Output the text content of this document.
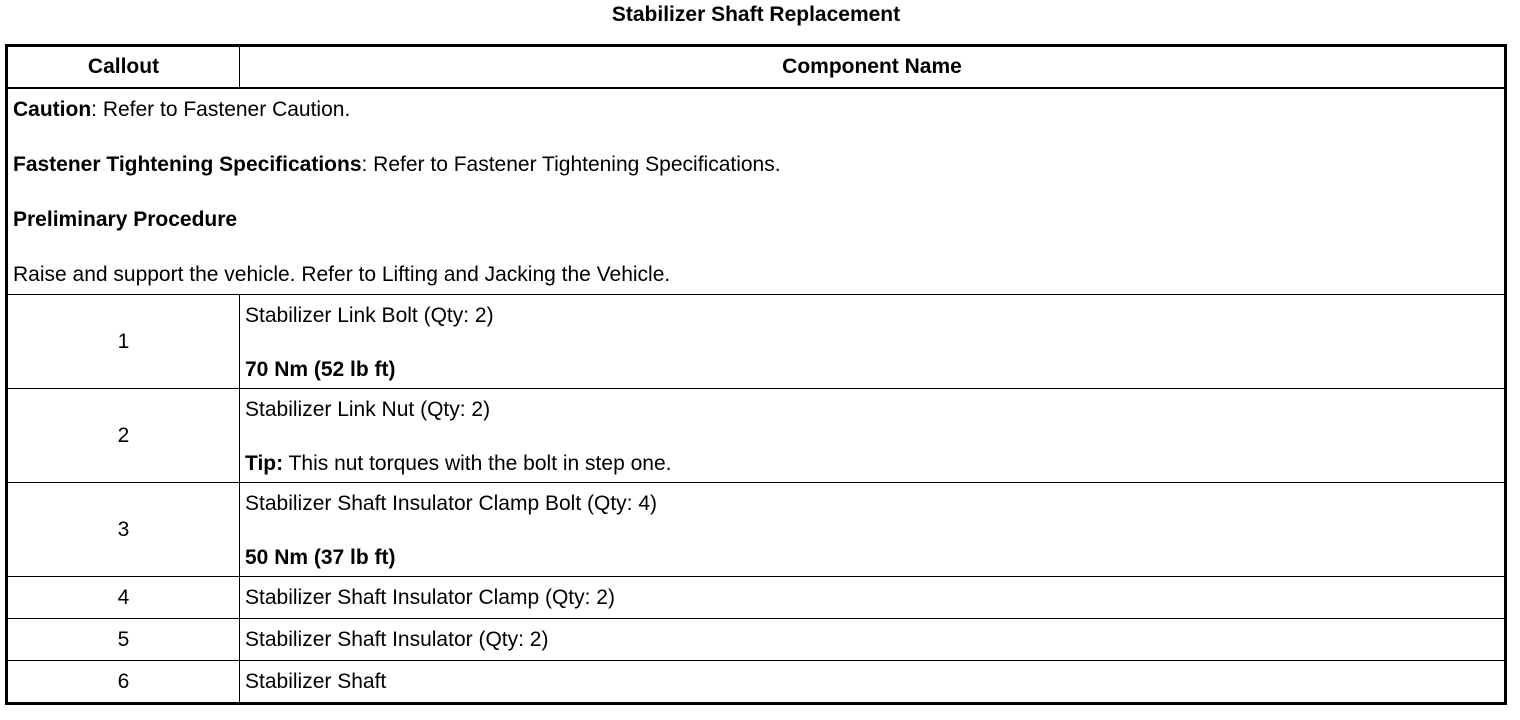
Stabilizer Shaft Replacement
Callout	Component Name

Caution: Refer to Fastener Caution.

Fastener Tightening Specifications: Refer to Fastener Tightening Specifications.

Preliminary Procedure

Raise and support the vehicle. Refer to Lifting and Jacking the Vehicle.	

1	Stabilizer Link Bolt (Qty: 2)
70 Nm (52 lb ft)

2	Stabilizer Link Nut (Qty: 2)
Tip: This nut torques with the bolt in step one.

3	Stabilizer Shaft Insulator Clamp Bolt (Qty: 4)
50 Nm (37 lb ft)

4	Stabilizer Shaft Insulator Clamp (Qty: 2)
5	Stabilizer Shaft Insulator (Qty: 2)
6	Stabilizer Shaft
